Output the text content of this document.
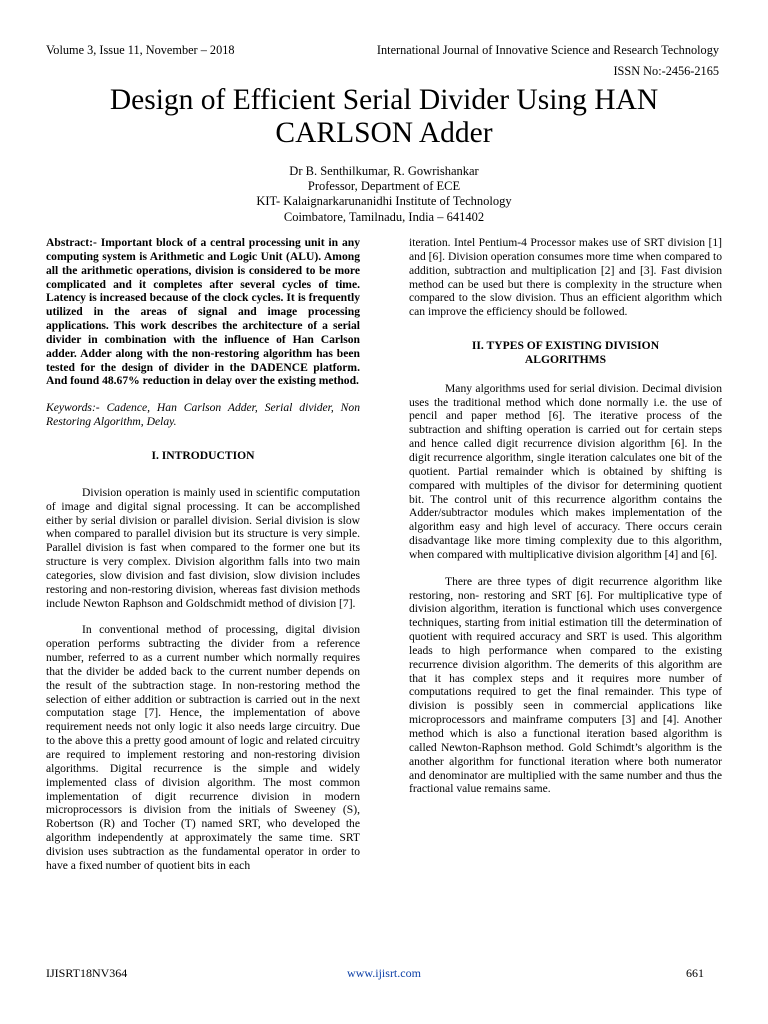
Volume 3, Issue 11, November – 2018	International Journal of Innovative Science and Research Technology
ISSN No:-2456-2165
Design of Efficient Serial Divider Using HAN
CARLSON Adder
Dr B. Senthilkumar, R. Gowrishankar
Professor, Department of ECE
KIT- Kalaignarkarunanidhi Institute of Technology
Coimbatore, Tamilnadu, India – 641402

Abstract:- Important block of a central processing unit in any computing system is Arithmetic and Logic Unit (ALU). Among all the arithmetic operations, division is considered to be more complicated and it completes after several cycles of time. Latency is increased because of the clock cycles. It is frequently utilized in the areas of signal and image processing applications. This work describes the architecture of a serial divider in combination with the influence of Han Carlson adder. Adder along with the non-restoring algorithm has been tested for the design of divider in the DADENCE platform. And found 48.67% reduction in delay over the existing method.

Keywords:- Cadence, Han Carlson Adder, Serial divider, Non Restoring Algorithm, Delay.

I. INTRODUCTION

Division operation is mainly used in scientific computation of image and digital signal processing. It can be accomplished either by serial division or parallel division. Serial division is slow when compared to parallel division but its structure is very simple. Parallel division is fast when compared to the former one but its structure is very complex. Division algorithm falls into two main categories, slow division and fast division, slow division includes restoring and non-restoring division, whereas fast division methods include Newton Raphson and Goldschmidt method of division [7].

In conventional method of processing, digital division operation performs subtracting the divider from a reference number, referred to as a current number which normally requires that the divider be added back to the current number depends on the result of the subtraction stage. In non-restoring method the selection of either addition or subtraction is carried out in the next computation stage [7]. Hence, the implementation of above requirement needs not only logic it also needs large circuitry. Due to the above this a pretty good amount of logic and related circuitry are required to implement restoring and non-restoring division algorithms. Digital recurrence is the simple and widely implemented class of division algorithm. The most common implementation of digit recurrence division in modern microprocessors is division from the initials of Sweeney (S), Robertson (R) and Tocher (T) named SRT, who developed the algorithm independently at approximately the same time. SRT division uses subtraction as the fundamental operator in order to have a fixed number of quotient bits in each

iteration. Intel Pentium-4 Processor makes use of SRT division [1] and [6]. Division operation consumes more time when compared to addition, subtraction and multiplication [2] and [3]. Fast division method can be used but there is complexity in the structure when compared to the slow division. Thus an efficient algorithm which can improve the efficiency should be followed.

II. TYPES OF EXISTING DIVISION
ALGORITHMS

Many algorithms used for serial division. Decimal division uses the traditional method which done normally i.e. the use of pencil and paper method [6]. The iterative process of the subtraction and shifting operation is carried out for certain steps and hence called digit recurrence division algorithm [6]. In the digit recurrence algorithm, single iteration calculates one bit of the quotient. Partial remainder which is obtained by shifting is compared with multiples of the divisor for determining quotient bit. The control unit of this recurrence algorithm contains the Adder/subtractor modules which makes implementation of the algorithm easy and high level of accuracy. There occurs cerain disadvantage like more timing complexity due to this algorithm, when compared with multiplicative division algorithm [4] and [6].

There are three types of digit recurrence algorithm like restoring, non- restoring and SRT [6]. For multiplicative type of division algorithm, iteration is functional which uses convergence techniques, starting from initial estimation till the determination of quotient with required accuracy and SRT is used. This algorithm leads to high performance when compared to the existing recurrence division algorithm. The demerits of this algorithm are that it has complex steps and it requires more number of computations required to get the final remainder. This type of division is possibly seen in commercial applications like microprocessors and mainframe computers [3] and [4]. Another method which is also a functional iteration based algorithm is called Newton-Raphson method. Gold Schimdt’s algorithm is the another algorithm for functional iteration where both numerator and denominator are multiplied with the same number and thus the fractional value remains same.

IJISRT18NV364	www.ijisrt.com	661
